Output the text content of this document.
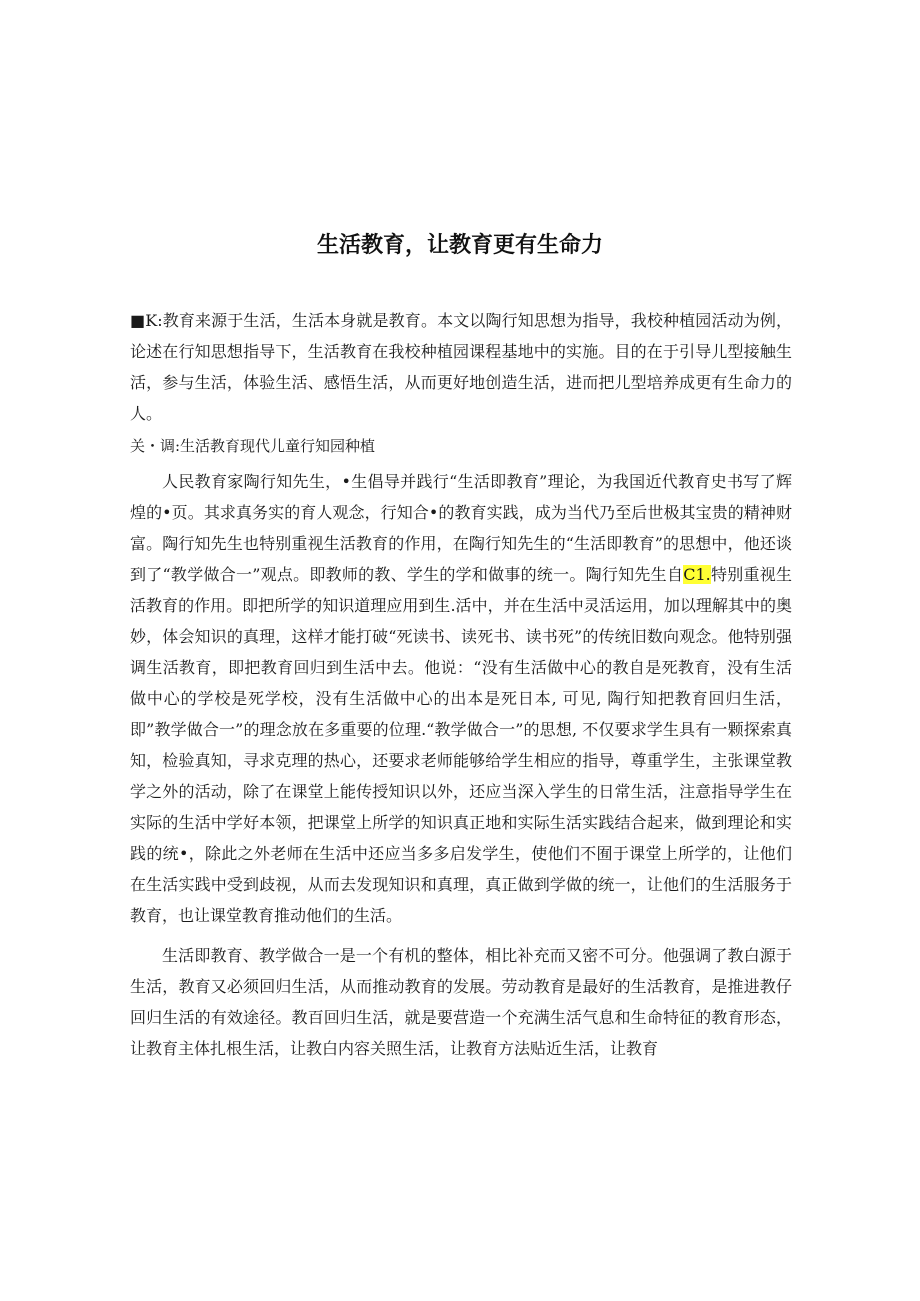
生活教育，让教育更有生命力

■K:教育来源于生活，生活本身就是教育。本文以陶行知思想为指导，我校种植园活动为例，论述在行知思想指导下，生活教育在我校种植园课程基地中的实施。目的在于引导儿型接触生活，参与生活，体验生活、感悟生活，从而更好地创造生活，进而把儿型培养成更有生命力的人。

关・调:生活教育现代儿童行知园种植

人民教育家陶行知先生，•生倡导并践行“生活即教育”理论，为我国近代教育史书写了辉煌的•页。其求真务实的育人观念，行知合•的教育实践，成为当代乃至后世极其宝贵的精神财富。陶行知先生也特别重视生活教育的作用，在陶行知先生的“生活即教育”的思想中，他还谈到了“教学做合一”观点。即教师的教、学生的学和做事的统一。陶行知先生自C1.特别重视生活教育的作用。即把所学的知识道理应用到生.活中，并在生活中灵活运用，加以理解其中的奥妙，体会知识的真理，这样才能打破“死读书、读死书、读书死”的传统旧数向观念。他特别强调生活教育，即把教育回归到生活中去。他说：“没有生活做中心的教自是死教育，没有生活做中心的学校是死学校，没有生活做中心的出本是死日本, 可见, 陶行知把教育回归生活，即”教学做合一”的理念放在多重要的位理.“教学做合一”的思想, 不仅要求学生具有一颗探索真知，检验真知，寻求克理的热心，还要求老师能够给学生相应的指导，尊重学生，主张课堂教学之外的活动，除了在课堂上能传授知识以外，还应当深入学生的日常生活，注意指导学生在实际的生活中学好本领，把课堂上所学的知识真正地和实际生活实践结合起来，做到理论和实践的统•，除此之外老师在生活中还应当多多启发学生，使他们不囿于课堂上所学的，让他们在生活实践中受到歧视，从而去发现知识和真理，真正做到学做的统一，让他们的生活服务于教育，也让课堂教育推动他们的生活。

生活即教育、教学做合一是一个有机的整体，相比补充而又密不可分。他强调了教白源于生活，教育又必须回归生活，从而推动教育的发展。劳动教育是最好的生活教育，是推进教仔回归生活的有效途径。教百回归生活，就是要营造一个充满生活气息和生命特征的教育形态，让教育主体扎根生活，让教白内容关照生活，让教育方法贴近生活，让教育
